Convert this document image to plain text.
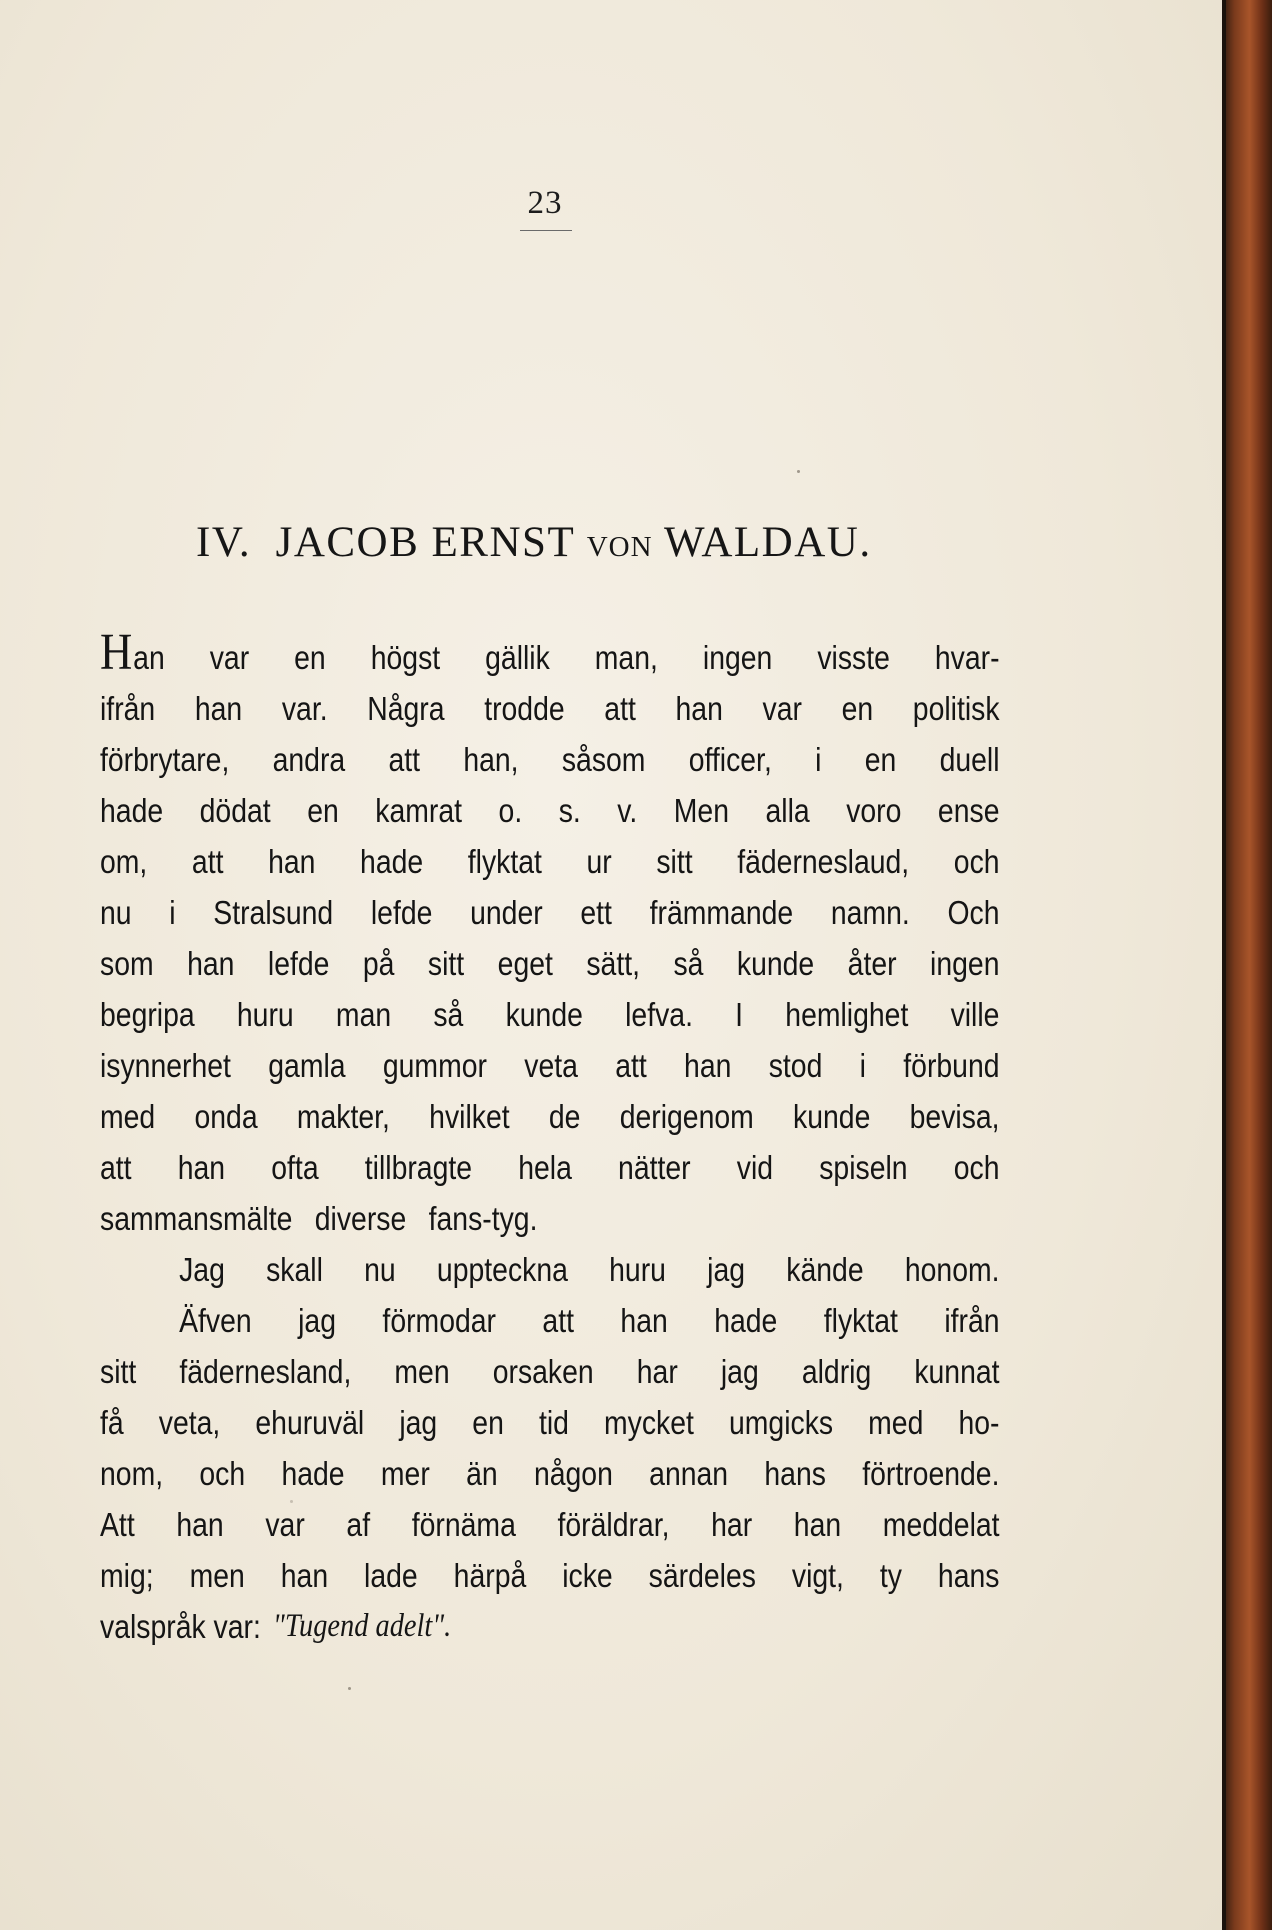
23
IV. JACOB ERNST VON WALDAU.
Han var en högst gällik man, ingen visste hvar-
ifrån han var. Några trodde att han var en politisk
förbrytare, andra att han, såsom officer, i en duell
hade dödat en kamrat o. s. v. Men alla voro ense
om, att han hade flyktat ur sitt fäderneslaud, och
nu i Stralsund lefde under ett främmande namn. Och
som han lefde på sitt eget sätt, så kunde åter ingen
begripa huru man så kunde lefva. I hemlighet ville
isynnerhet gamla gummor veta att han stod i förbund
med onda makter, hvilket de derigenom kunde bevisa,
att han ofta tillbragte hela nätter vid spiseln och
sammansmälte diverse fans-tyg.
Jag skall nu uppteckna huru jag kände honom.
Äfven jag förmodar att han hade flyktat ifrån
sitt fädernesland, men orsaken har jag aldrig kunnat
få veta, ehuruväl jag en tid mycket umgicks med ho-
nom, och hade mer än någon annan hans förtroende.
Att han var af förnäma föräldrar, har han meddelat
mig; men han lade härpå icke särdeles vigt, ty hans
valspråk var: "Tugend adelt".
